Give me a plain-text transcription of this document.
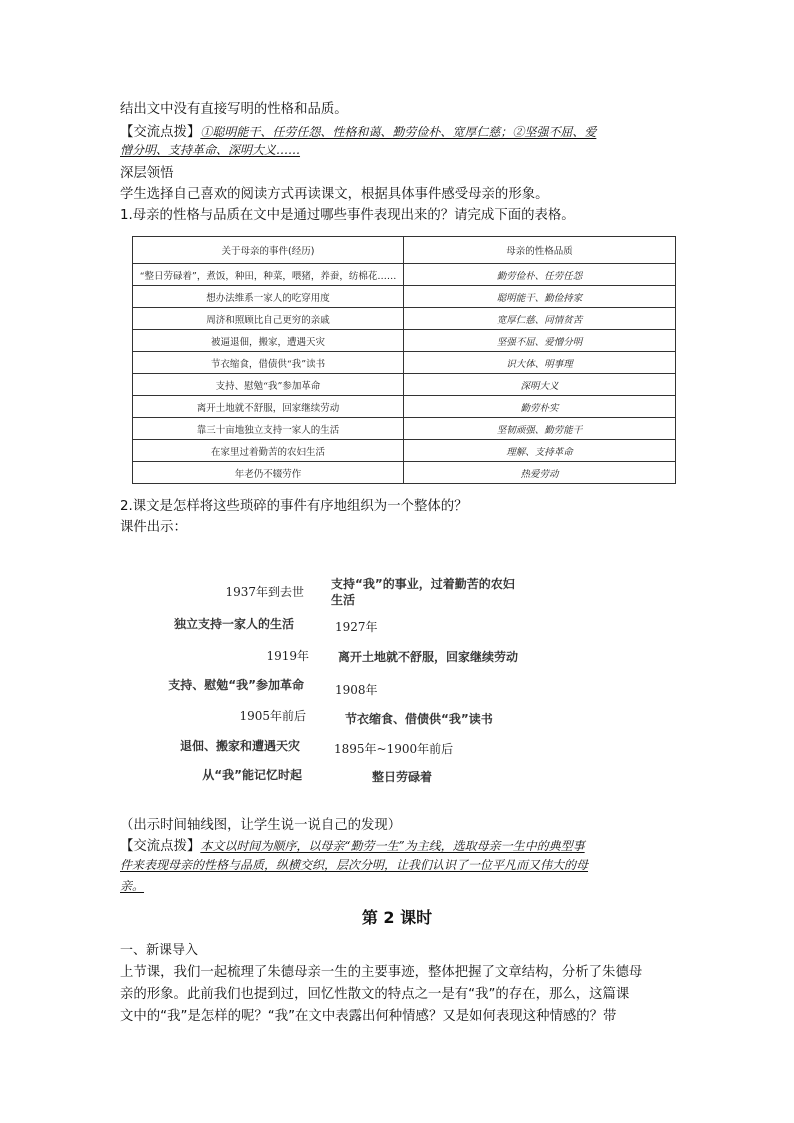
结出文中没有直接写明的性格和品质。
【交流点拨】①聪明能干、任劳任怨、性格和蔼、勤劳俭朴、宽厚仁慈；②坚强不屈、爱
憎分明、支持革命、深明大义……
深层领悟
学生选择自己喜欢的阅读方式再读课文，根据具体事件感受母亲的形象。
1.母亲的性格与品质在文中是通过哪些事件表现出来的？请完成下面的表格。
关于母亲的事件(经历)	母亲的性格品质
“整日劳碌着”，煮饭，种田，种菜，喂猪，养蚕，纺棉花……	勤劳俭朴、任劳任怨
想办法维系一家人的吃穿用度	聪明能干、勤俭持家
周济和照顾比自己更穷的亲戚	宽厚仁慈、同情贫苦
被逼退佃，搬家，遭遇天灾	坚强不屈、爱憎分明
节衣缩食，借债供“我”读书	识大体、明事理
支持、慰勉“我”参加革命	深明大义
离开土地就不舒服，回家继续劳动	勤劳朴实
靠三十亩地独立支持一家人的生活	坚韧顽强、勤劳能干
在家里过着勤苦的农妇生活	理解、支持革命
年老仍不辍劳作	热爱劳动
2.课文是怎样将这些琐碎的事件有序地组织为一个整体的？
课件出示：
1937年到去世
独立支持一家人的生活
1919年
支持、慰勉“我”参加革命
1905年前后
退佃、搬家和遭遇天灾
从“我”能记忆时起
支持“我”的事业，过着勤苦的农妇
生活
1927年
离开土地就不舒服，回家继续劳动
1908年
节衣缩食、借债供“我”读书
1895年~1900年前后
整日劳碌着
（出示时间轴线图，让学生说一说自己的发现）
【交流点拨】本文以时间为顺序，以母亲“勤劳一生”为主线，选取母亲一生中的典型事
件来表现母亲的性格与品质，纵横交织，层次分明，让我们认识了一位平凡而又伟大的母
亲。
第 2 课时
一、新课导入
上节课，我们一起梳理了朱德母亲一生的主要事迹，整体把握了文章结构，分析了朱德母
亲的形象。此前我们也提到过，回忆性散文的特点之一是有“我”的存在，那么，这篇课
文中的“我”是怎样的呢？“我”在文中表露出何种情感？又是如何表现这种情感的？带
